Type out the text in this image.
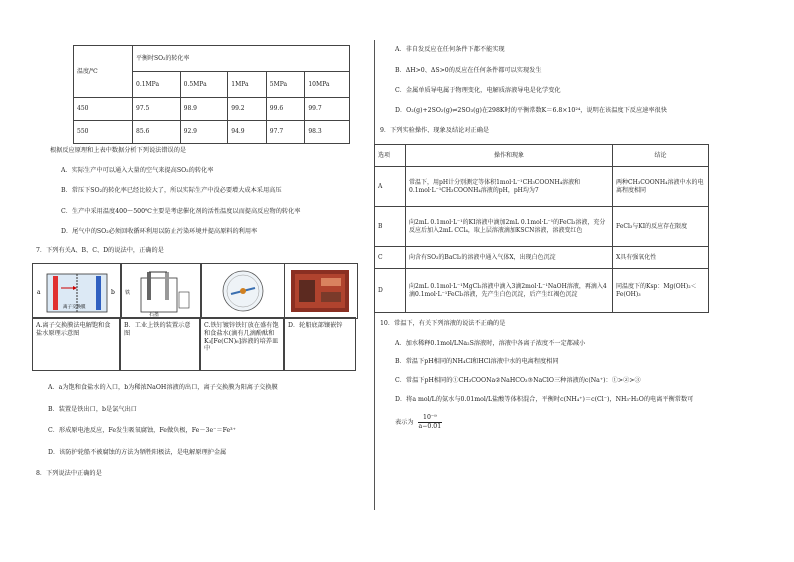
温度/℃	平衡时SO₂的转化率				
	0.1MPa	0.5MPa	1MPa	5MPa	10MPa
450	97.5	98.9	99.2	99.6	99.7
550	85.6	92.9	94.9	97.7	98.3
根据反应原理和上表中数据分析下列说法错误的是
A．实际生产中可以通入大量的空气来提高SO₂的转化率
B．常压下SO₂的转化率已经比较大了，所以实际生产中没必要增大成本采用高压
C．生产中采用温度400～500℃主要是考虑催化剂的活性温度以而提高反应物的转化率
D．尾气中的SO₂必须回收循环利用以防止污染环境并提高原料的利用率
7．下列有关A、B、C、D的说法中，正确的是
a	b
离子交换膜
铁
石墨
A.离子交换膜法电解饱和食盐水原理示意图
B．工业上铁的装置示意图
C.铁钉镀锌铁钉放在盛有饱和食盐水(滴有几滴酚酞和K₃[Fe(CN)₆]溶液的培养皿中
D．轮船底部镶嵌锌
A．a为饱和食盐水的入口，b为稀浓NaOH溶液的出口，离子交换膜为阳离子交换膜
B．装置是铁出口，b是氯气出口
C．形成原电池反应，Fe发生吸氧腐蚀，Fe做负极，Fe－3e⁻＝Fe³⁺
D．该防护轮船不被腐蚀的方法为牺牲阳极法，是电解原理护金属
8．下列说法中正确的是
A．非自发反应在任何条件下都不能实现
B．ΔH>0、ΔS>0的反应在任何条件都可以实现发生
C．金属单质导电属于物理变化，电解质溶液导电是化学变化
D．O₂(g)+2SO₂(g)⇌2SO₃(g)在298K时的平衡常数K＝6.8×10²⁴，说明在该温度下反应速率很快
9．下列实验操作、现象及结论对正确是
选项	操作和现象	结论
A	常温下，用pH计分别测定等体积1mol·L⁻¹CH₃COONH₄溶液和0.1mol·L⁻¹CH₃COONH₄溶液的pH，pH均为7	两种CH₃COONH₄溶液中水的电离程度相同
B	向2mL 0.1mol·L⁻¹的KI溶液中滴加2mL 0.1mol·L⁻¹的FeCl₃溶液，充分反应后加入2mL CCl₄，取上层溶液滴加KSCN溶液，溶液变红色	FeCl₃与KI的反应存在限度
C	向含有SO₂的BaCl₂的溶液中通入气体X，出现白色沉淀	X具有强氧化性
D	向2mL 0.1mol·L⁻¹MgCl₂溶液中滴入3滴2mol·L⁻¹NaOH溶液，再滴入4滴0.1mol·L⁻¹FeCl₃溶液，先产生白色沉淀，后产生红褐色沉淀	同温度下的Ksp：Mg(OH)₂＜Fe(OH)₃
10．常温下，有关下列溶液的说法不正确的是
A．加水稀释0.1mol/LNa₂S溶液时，溶液中各离子浓度不一定都减小
B．常温下pH相同的NH₄Cl和HCl溶液中水的电离程度相同
C．常温下pH相同的①CH₃COONa②NaHCO₃③NaClO三种溶液的c(Na⁺)：①>②>③
D．将a mol/L的氨水与0.01mol/L盐酸等体积混合，平衡时c(NH₄⁺)＝c(Cl⁻)，NH₃·H₂O的电离平衡常数可
表示为 $\frac{\text{10⁻⁹}}{a-0.01}$
